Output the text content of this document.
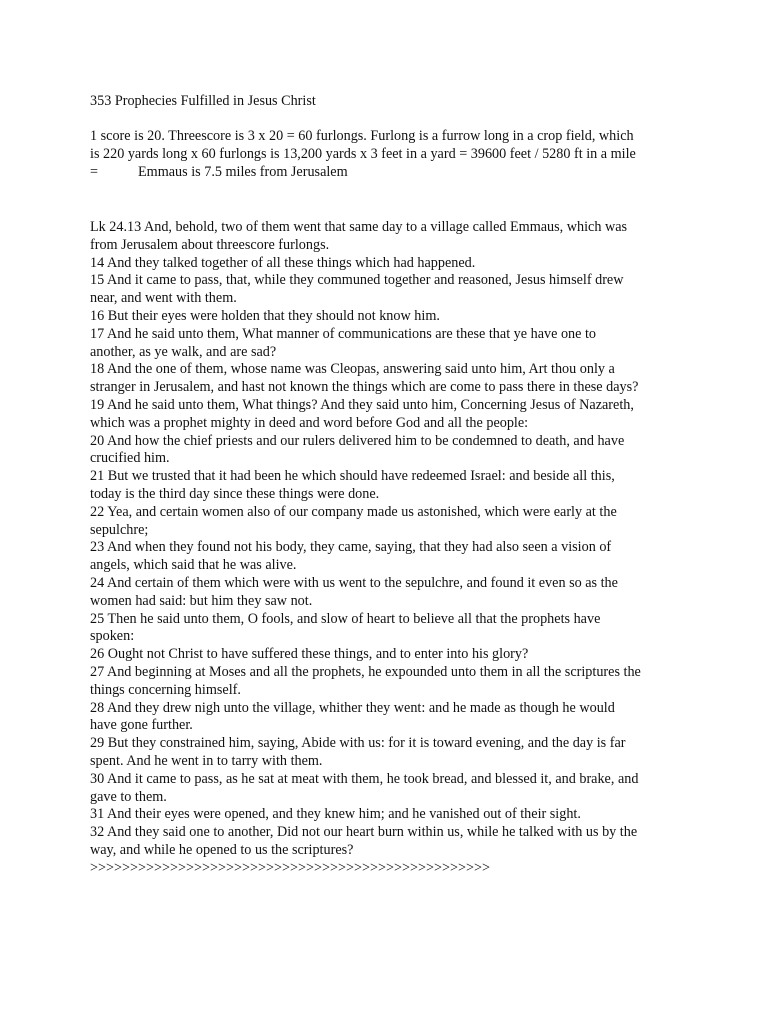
353 Prophecies Fulfilled in Jesus Christ
1 score is 20. Threescore is 3 x 20 = 60 furlongs. Furlong is a furrow long in a crop field, which
is 220 yards long x 60 furlongs is 13,200 yards x 3 feet in a yard = 39600 feet / 5280 ft in a mile
=	Emmaus is 7.5 miles from Jerusalem
Lk 24.13 And, behold, two of them went that same day to a village called Emmaus, which was
from Jerusalem about threescore furlongs.
14 And they talked together of all these things which had happened.
15 And it came to pass, that, while they communed together and reasoned, Jesus himself drew
near, and went with them.
16 But their eyes were holden that they should not know him.
17 And he said unto them, What manner of communications are these that ye have one to
another, as ye walk, and are sad?
18 And the one of them, whose name was Cleopas, answering said unto him, Art thou only a
stranger in Jerusalem, and hast not known the things which are come to pass there in these days?
19 And he said unto them, What things? And they said unto him, Concerning Jesus of Nazareth,
which was a prophet mighty in deed and word before God and all the people:
20 And how the chief priests and our rulers delivered him to be condemned to death, and have
crucified him.
21 But we trusted that it had been he which should have redeemed Israel: and beside all this,
today is the third day since these things were done.
22 Yea, and certain women also of our company made us astonished, which were early at the
sepulchre;
23 And when they found not his body, they came, saying, that they had also seen a vision of
angels, which said that he was alive.
24 And certain of them which were with us went to the sepulchre, and found it even so as the
women had said: but him they saw not.
25 Then he said unto them, O fools, and slow of heart to believe all that the prophets have
spoken:
26 Ought not Christ to have suffered these things, and to enter into his glory?
27 And beginning at Moses and all the prophets, he expounded unto them in all the scriptures the
things concerning himself.
28 And they drew nigh unto the village, whither they went: and he made as though he would
have gone further.
29 But they constrained him, saying, Abide with us: for it is toward evening, and the day is far
spent. And he went in to tarry with them.
30 And it came to pass, as he sat at meat with them, he took bread, and blessed it, and brake, and
gave to them.
31 And their eyes were opened, and they knew him; and he vanished out of their sight.
32 And they said one to another, Did not our heart burn within us, while he talked with us by the
way, and while he opened to us the scriptures?
>>>>>>>>>>>>>>>>>>>>>>>>>>>>>>>>>>>>>>>>>>>>>>>>>>
